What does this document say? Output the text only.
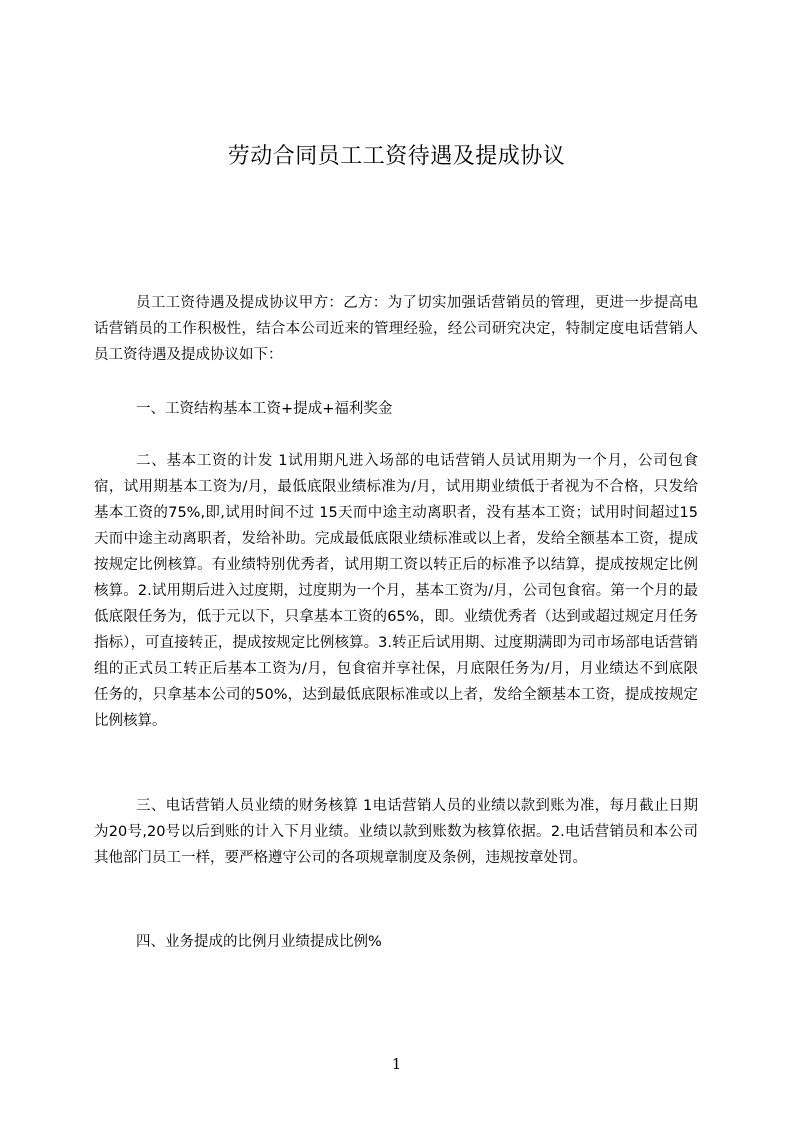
劳动合同员工工资待遇及提成协议

员工工资待遇及提成协议甲方：乙方：为了切实加强话营销员的管理，更进一步提高电话营销员的工作积极性，结合本公司近来的管理经验，经公司研究决定，特制定度电话营销人员工资待遇及提成协议如下：

一、工资结构基本工资+提成+福利奖金

二、基本工资的计发 1试用期凡进入场部的电话营销人员试用期为一个月，公司包食宿，试用期基本工资为/月，最低底限业绩标准为/月，试用期业绩低于者视为不合格，只发给基本工资的75%,即,试用时间不过 15天而中途主动离职者，没有基本工资；试用时间超过15天而中途主动离职者，发给补助。完成最低底限业绩标准或以上者，发给全额基本工资，提成按规定比例核算。有业绩特别优秀者，试用期工资以转正后的标准予以结算，提成按规定比例核算。2.试用期后进入过度期，过度期为一个月，基本工资为/月，公司包食宿。第一个月的最低底限任务为，低于元以下，只拿基本工资的65%，即。业绩优秀者（达到或超过规定月任务指标），可直接转正，提成按规定比例核算。3.转正后试用期、过度期满即为司市场部电话营销组的正式员工转正后基本工资为/月，包食宿并享社保，月底限任务为/月，月业绩达不到底限任务的，只拿基本公司的50%，达到最低底限标准或以上者，发给全额基本工资，提成按规定比例核算。

三、电话营销人员业绩的财务核算 1电话营销人员的业绩以款到账为准，每月截止日期为20号,20号以后到账的计入下月业绩。业绩以款到账数为核算依据。2.电话营销员和本公司其他部门员工一样，要严格遵守公司的各项规章制度及条例，违规按章处罚。

四、业务提成的比例月业绩提成比例%

1
